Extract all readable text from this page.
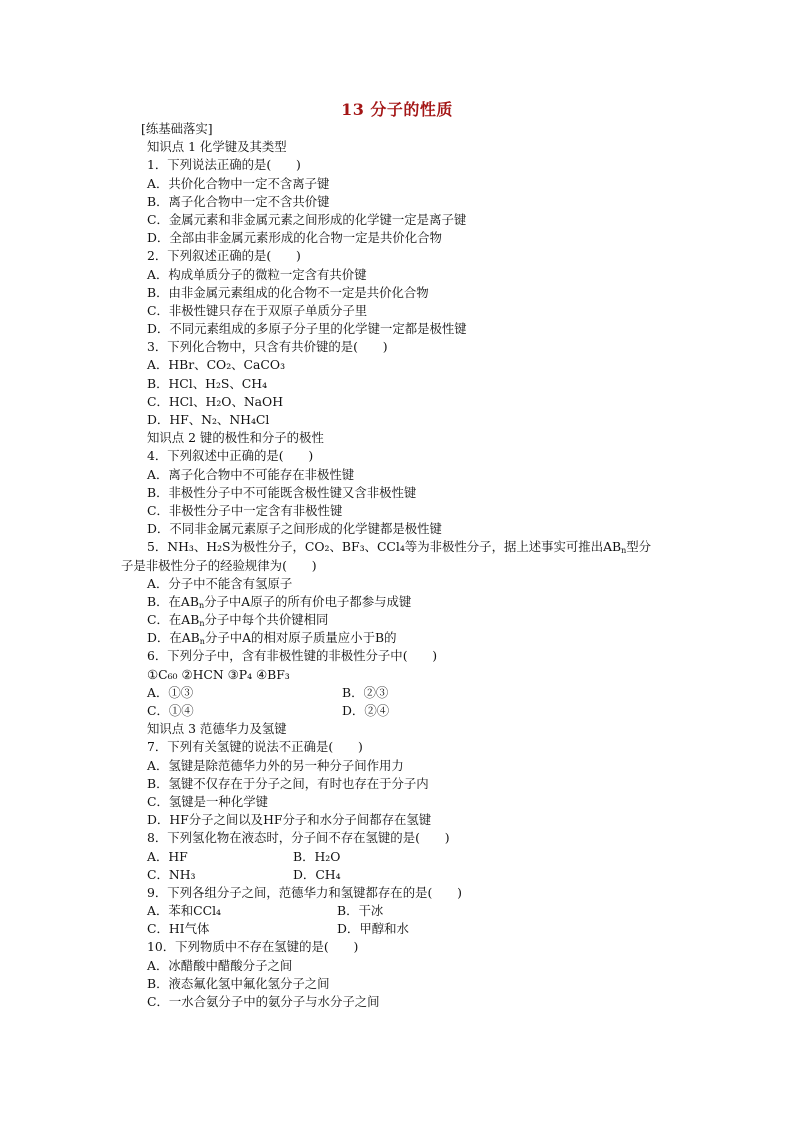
13 分子的性质
[练基础落实]
知识点 1 化学键及其类型
1．下列说法正确的是(　　)
A．共价化合物中一定不含离子键
B．离子化合物中一定不含共价键
C．金属元素和非金属元素之间形成的化学键一定是离子键
D．全部由非金属元素形成的化合物一定是共价化合物
2．下列叙述正确的是(　　)
A．构成单质分子的微粒一定含有共价键
B．由非金属元素组成的化合物不一定是共价化合物
C．非极性键只存在于双原子单质分子里
D．不同元素组成的多原子分子里的化学键一定都是极性键
3．下列化合物中，只含有共价键的是(　　)
A．HBr、CO₂、CaCO₃
B．HCl、H₂S、CH₄
C．HCl、H₂O、NaOH
D．HF、N₂、NH₄Cl
知识点 2 键的极性和分子的极性
4．下列叙述中正确的是(　　)
A．离子化合物中不可能存在非极性键
B．非极性分子中不可能既含极性键又含非极性键
C．非极性分子中一定含有非极性键
D．不同非金属元素原子之间形成的化学键都是极性键
5．NH₃、H₂S为极性分子，CO₂、BF₃、CCl₄等为非极性分子，据上述事实可推出$AB_n$型分
子是非极性分子的经验规律为(　　)
A．分子中不能含有氢原子
B．在$AB_n$分子中A原子的所有价电子都参与成键
C．在$AB_n$分子中每个共价键相同
D．在$AB_n$分子中A的相对原子质量应小于B的
6．下列分子中，含有非极性键的非极性分子中(　　)
①C₆₀ ②HCN ③P₄ ④BF₃
A．①③	B．②③
C．①④	D．②④
知识点 3 范德华力及氢键
7．下列有关氢键的说法不正确是(　　)
A．氢键是除范德华力外的另一种分子间作用力
B．氢键不仅存在于分子之间，有时也存在于分子内
C．氢键是一种化学键
D．HF分子之间以及HF分子和水分子间都存在氢键
8．下列氢化物在液态时，分子间不存在氢键的是(　　)
A．HF	B．H₂O
C．NH₃	D．CH₄
9．下列各组分子之间，范德华力和氢键都存在的是(　　)
A．苯和CCl₄	B．干冰
C．HI气体	D．甲醇和水
10．下列物质中不存在氢键的是(　　)
A．冰醋酸中醋酸分子之间
B．液态氟化氢中氟化氢分子之间
C．一水合氨分子中的氨分子与水分子之间
